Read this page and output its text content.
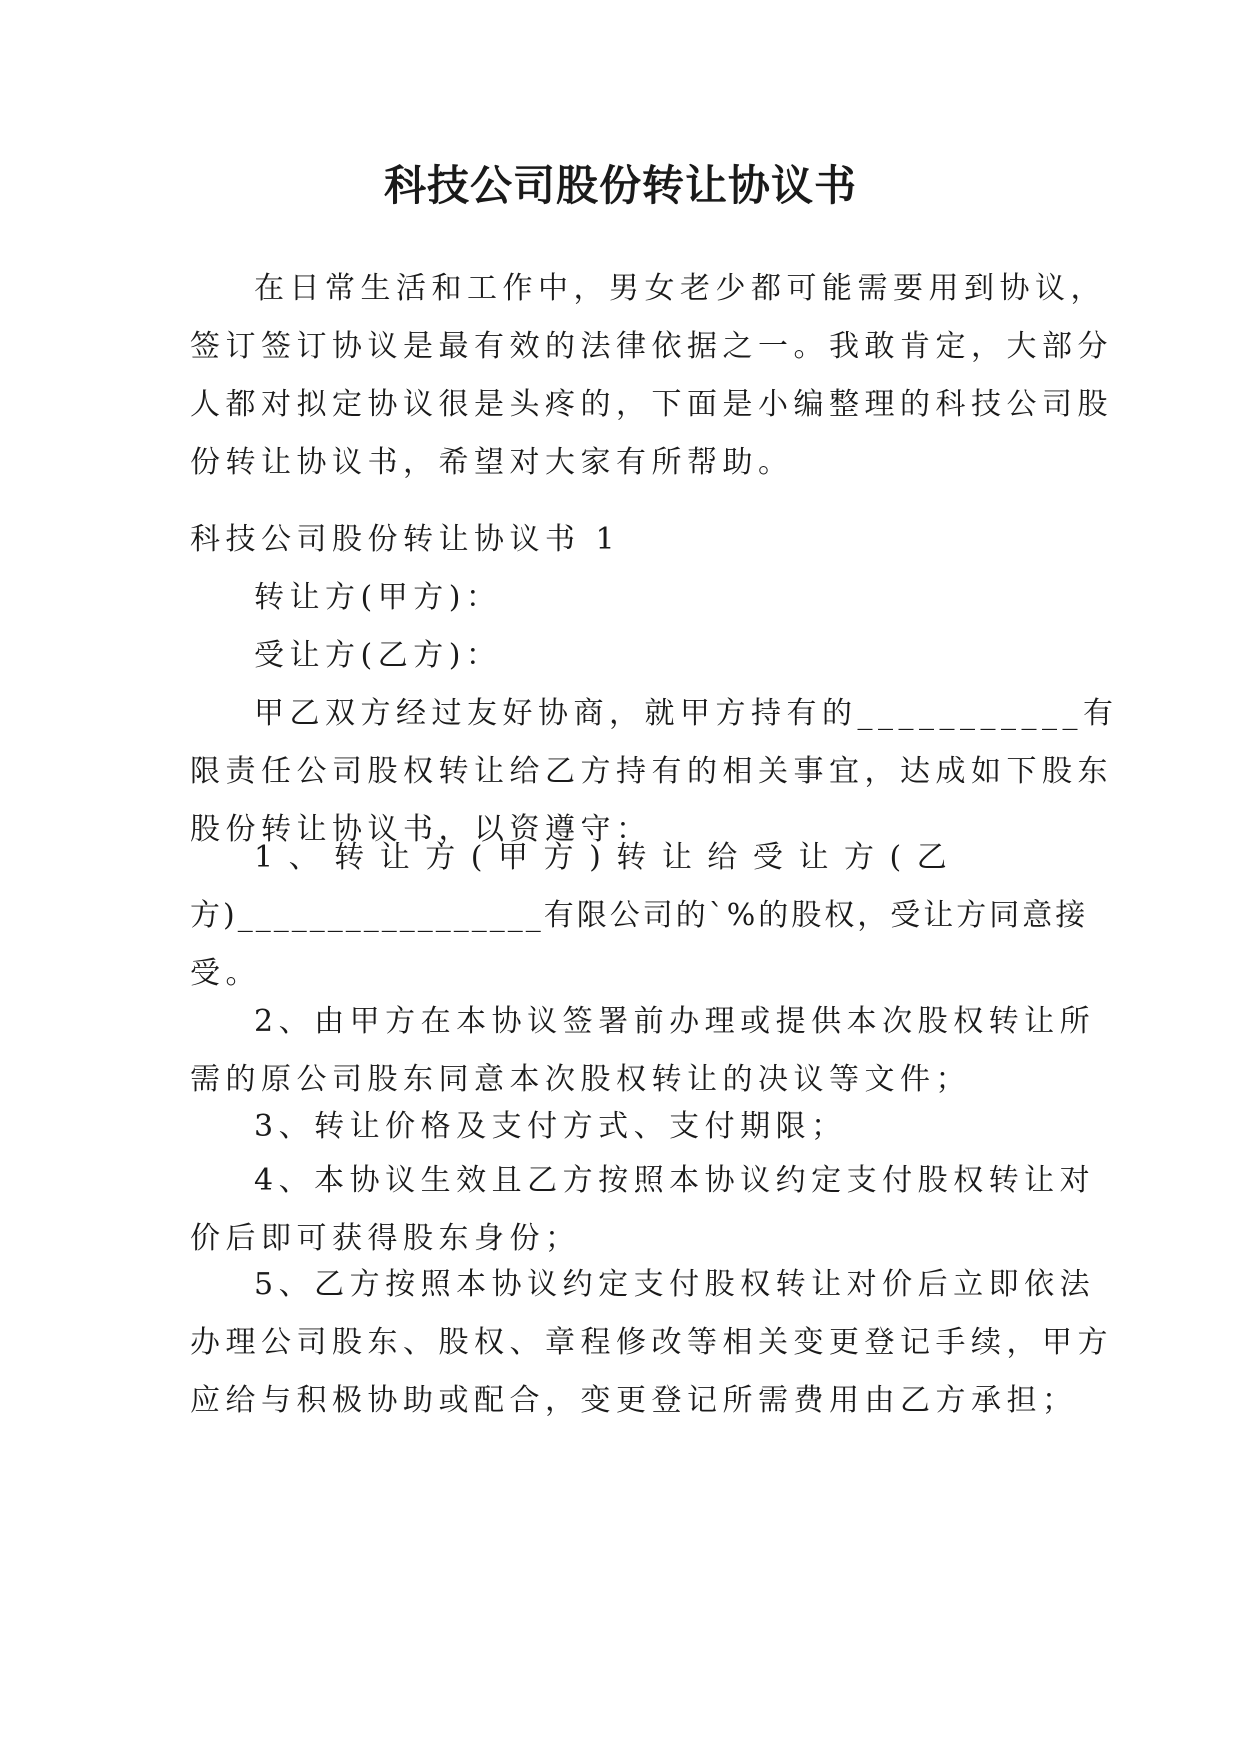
科技公司股份转让协议书
在日常生活和工作中，男女老少都可能需要用到协议，
签订签订协议是最有效的法律依据之一。我敢肯定，大部分
人都对拟定协议很是头疼的，下面是小编整理的科技公司股
份转让协议书，希望对大家有所帮助。
科技公司股份转让协议书 1
转让方(甲方)：
受让方(乙方)：
甲乙双方经过友好协商，就甲方持有的___________有
限责任公司股权转让给乙方持有的相关事宜，达成如下股东
股份转让协议书，以资遵守：
1 、 转 让 方 ( 甲 方 ) 转 让 给 受 让 方 ( 乙
方)_________________有限公司的`%的股权，受让方同意接
受。
2、由甲方在本协议签署前办理或提供本次股权转让所
需的原公司股东同意本次股权转让的决议等文件；
3、转让价格及支付方式、支付期限；
4、本协议生效且乙方按照本协议约定支付股权转让对
价后即可获得股东身份；
5、乙方按照本协议约定支付股权转让对价后立即依法
办理公司股东、股权、章程修改等相关变更登记手续，甲方
应给与积极协助或配合，变更登记所需费用由乙方承担；
